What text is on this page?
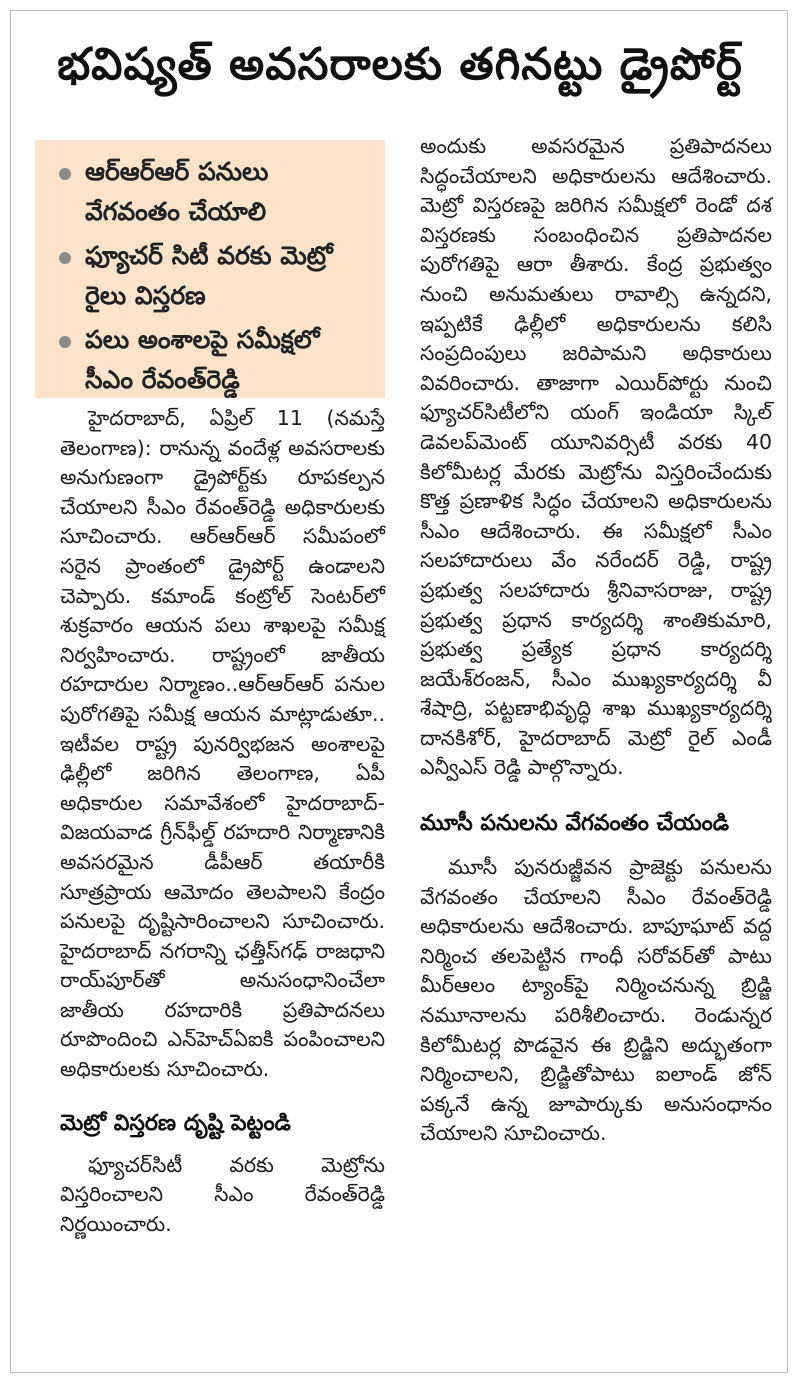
భవిష్యత్ అవసరాలకు తగినట్టు డ్రైపోర్ట్
ఆర్ఆర్ఆర్ పనులు వేగవంతం చేయాలి
ఫ్యూచర్ సిటీ వరకు మెట్రో రైలు విస్తరణ
పలు అంశాలపై సమీక్షలో సీఎం రేవంత్‌రెడ్డి

హైదరాబాద్, ఏప్రిల్ 11 (నమస్తే తెలంగాణ): రానున్న వందేళ్ల అవసరాలకు అనుగుణంగా డ్రైపోర్ట్‌కు రూపకల్పన చేయాలని సీఎం రేవంత్‌రెడ్డి అధికారులకు సూచించారు. ఆర్ఆర్ఆర్ సమీపంలో సరైన ప్రాంతంలో డ్రైపోర్ట్ ఉండాలని చెప్పారు. కమాండ్ కంట్రోల్ సెంటర్‌లో శుక్రవారం ఆయన పలు శాఖలపై సమీక్ష నిర్వహించారు. రాష్ట్రంలో జాతీయ రహదారుల నిర్మాణం..ఆర్ఆర్ఆర్ పనుల పురోగతిపై సమీక్ష ఆయన మాట్లాడుతూ.. ఇటీవల రాష్ట్ర పునర్విభజన అంశాలపై ఢిల్లీలో జరిగిన తెలంగాణ, ఏపీ అధికారుల సమావేశంలో హైదరాబాద్-విజయవాడ గ్రీన్‌ఫీల్డ్ రహదారి నిర్మాణానికి అవసరమైన డీపీఆర్ తయారీకి సూత్రప్రాయ ఆమోదం తెలపాలని కేంద్రం పనులపై దృష్టిసారించాలని సూచించారు. హైదరాబాద్ నగరాన్ని ఛత్తీస్‌గఢ్ రాజధాని రాయ్‌పూర్‌తో అనుసంధానించేలా జాతీయ రహదారికి ప్రతిపాదనలు రూపొందించి ఎన్‌హెచ్‌ఏఐకి పంపించాలని అధికారులకు సూచించారు.

మెట్రో విస్తరణ దృష్టి పెట్టండి

ఫ్యూచర్‌సిటీ వరకు మెట్రోను విస్తరించాలని సీఎం రేవంత్‌రెడ్డి నిర్ణయించారు.

అందుకు అవసరమైన ప్రతిపాదనలు సిద్ధంచేయాలని అధికారులను ఆదేశించారు. మెట్రో విస్తరణపై జరిగిన సమీక్షలో రెండో దశ విస్తరణకు సంబంధించిన ప్రతిపాదనల పురోగతిపై ఆరా తీశారు. కేంద్ర ప్రభుత్వం నుంచి అనుమతులు రావాల్సి ఉన్నదని, ఇప్పటికే ఢిల్లీలో అధికారులను కలిసి సంప్రదింపులు జరిపామని అధికారులు వివరించారు. తాజాగా ఎయిర్‌పోర్టు నుంచి ఫ్యూచర్‌సిటీలోని యంగ్ ఇండియా స్కిల్ డెవలప్‌మెంట్ యూనివర్సిటీ వరకు 40 కిలోమీటర్ల మేరకు మెట్రోను విస్తరించేందుకు కొత్త ప్రణాళిక సిద్ధం చేయాలని అధికారులను సీఎం ఆదేశించారు. ఈ సమీక్షలో సీఎం సలహాదారులు వేం నరేందర్ రెడ్డి, రాష్ట్ర ప్రభుత్వ సలహాదారు శ్రీనివాసరాజు, రాష్ట్ర ప్రభుత్వ ప్రధాన కార్యదర్శి శాంతికుమారి, ప్రభుత్వ ప్రత్యేక ప్రధాన కార్యదర్శి జయేశ్‌రంజన్, సీఎం ముఖ్యకార్యదర్శి వీ శేషాద్రి, పట్టణాభివృద్ధి శాఖ ముఖ్యకార్యదర్శి దానకిశోర్, హైదరాబాద్ మెట్రో రైల్ ఎండీ ఎన్వీఎస్ రెడ్డి పాల్గొన్నారు.

మూసీ పనులను వేగవంతం చేయండి

మూసీ పునరుజ్జీవన ప్రాజెక్టు పనులను వేగవంతం చేయాలని సీఎం రేవంత్‌రెడ్డి అధికారులను ఆదేశించారు. బాపూఘాట్ వద్ద నిర్మించ తలపెట్టిన గాంధీ సరోవర్‌తో పాటు మీర్‌ఆలం ట్యాంక్‌పై నిర్మించనున్న బ్రిడ్జి నమూనాలను పరిశీలించారు. రెండున్నర కిలోమీటర్ల పొడవైన ఈ బ్రిడ్జిని అద్భుతంగా నిర్మించాలని, బ్రిడ్జితోపాటు ఐలాండ్ జోన్ పక్కనే ఉన్న జూపార్కుకు అనుసంధానం చేయాలని సూచించారు.
